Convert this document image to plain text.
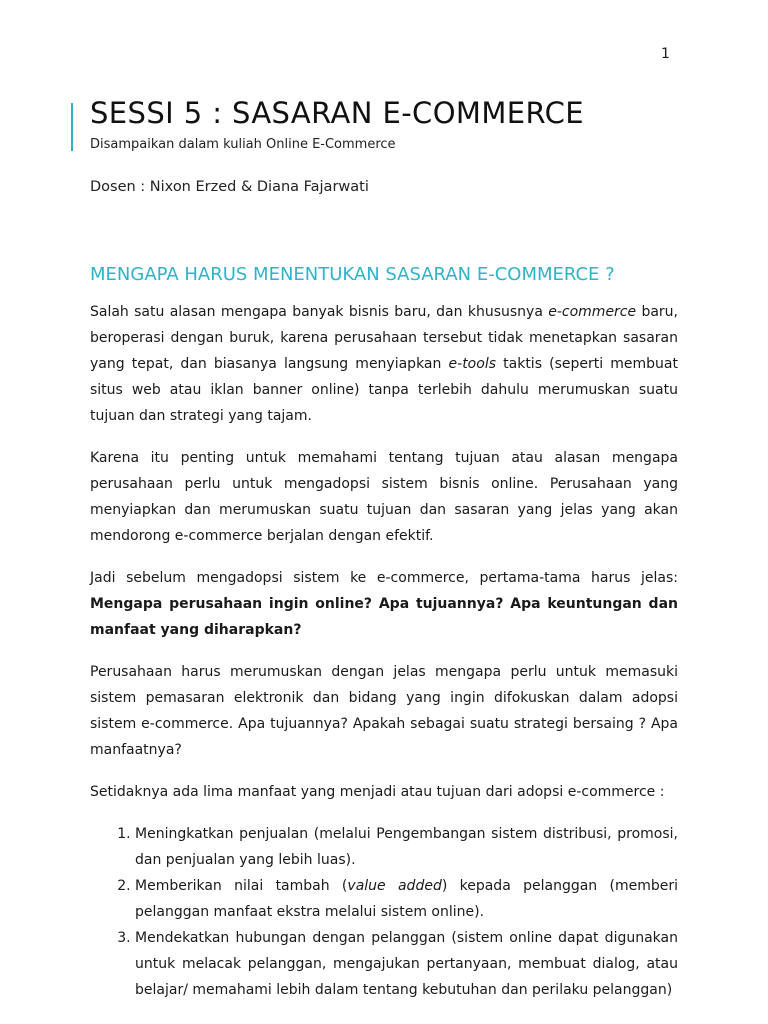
1
SESSI 5 : SASARAN E-COMMERCE
Disampaikan dalam kuliah Online E-Commerce
Dosen : Nixon Erzed & Diana Fajarwati
MENGAPA HARUS MENENTUKAN SASARAN E-COMMERCE ?

Salah satu alasan mengapa banyak bisnis baru, dan khususnya e-commerce baru, beroperasi dengan buruk, karena perusahaan tersebut tidak menetapkan sasaran yang tepat, dan biasanya langsung menyiapkan e-tools taktis (seperti membuat situs web atau iklan banner online) tanpa terlebih dahulu merumuskan suatu tujuan dan strategi yang tajam.

Karena itu penting untuk memahami tentang tujuan atau alasan mengapa perusahaan perlu untuk mengadopsi sistem bisnis online. Perusahaan yang menyiapkan dan merumuskan suatu tujuan dan sasaran yang jelas yang akan mendorong e-commerce berjalan dengan efektif.

Jadi sebelum mengadopsi sistem ke e-commerce, pertama-tama harus jelas: Mengapa perusahaan ingin online? Apa tujuannya? Apa keuntungan dan manfaat yang diharapkan?

Perusahaan harus merumuskan dengan jelas mengapa perlu untuk memasuki sistem pemasaran elektronik dan bidang yang ingin difokuskan dalam adopsi sistem e-commerce. Apa tujuannya? Apakah sebagai suatu strategi bersaing ? Apa manfaatnya?

Setidaknya ada lima manfaat yang menjadi atau tujuan dari adopsi e-commerce :

1. Meningkatkan penjualan (melalui Pengembangan sistem distribusi, promosi, dan penjualan yang lebih luas).
2. Memberikan nilai tambah (value added) kepada pelanggan (memberi pelanggan manfaat ekstra melalui sistem online).
3. Mendekatkan hubungan dengan pelanggan (sistem online dapat digunakan untuk melacak pelanggan, mengajukan pertanyaan, membuat dialog, atau belajar/ memahami lebih dalam tentang kebutuhan dan perilaku pelanggan)
